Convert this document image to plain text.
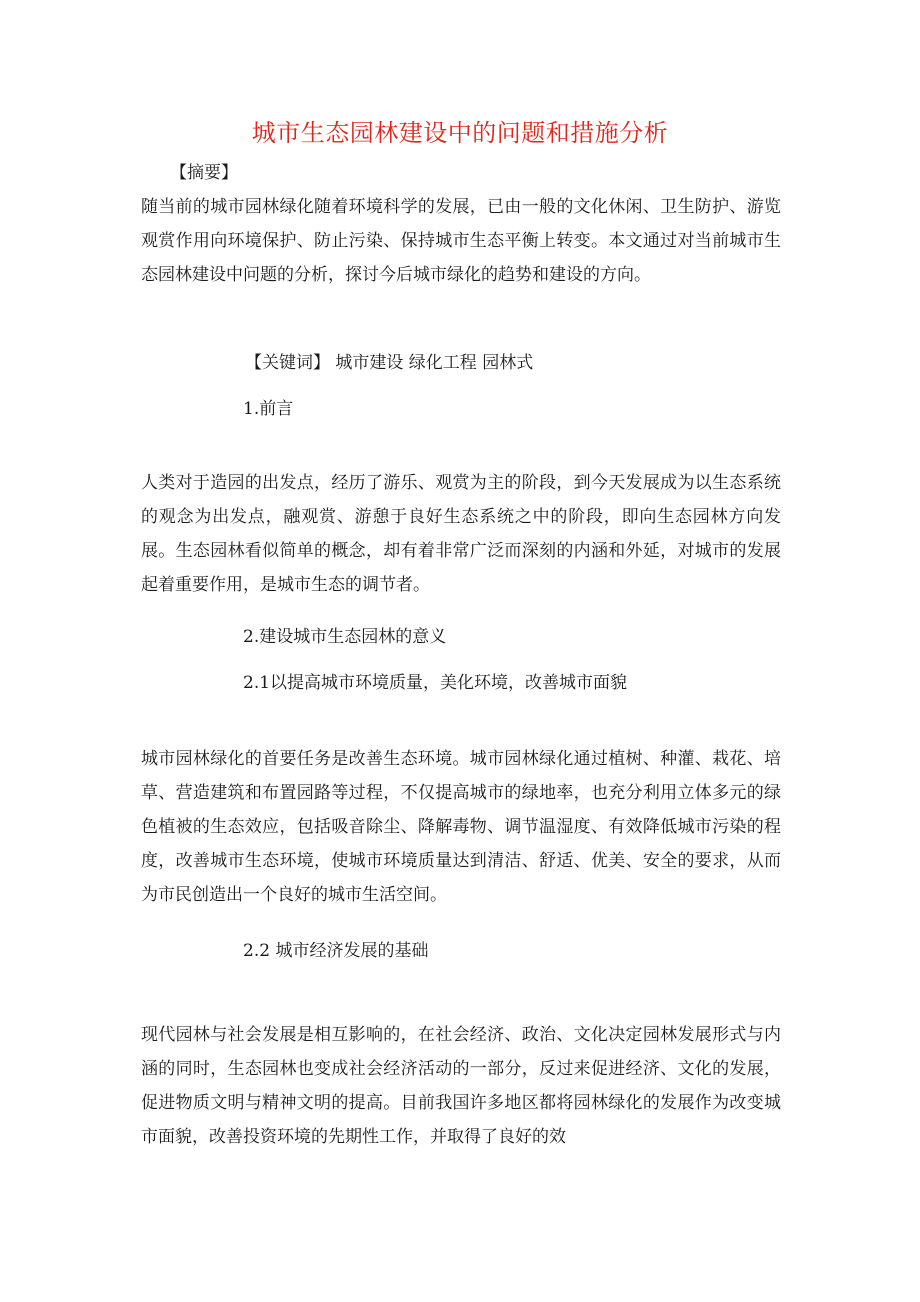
城市生态园林建设中的问题和措施分析
【摘要】
随当前的城市园林绿化随着环境科学的发展，已由一般的文化休闲、卫生防护、游览观赏作用向环境保护、防止污染、保持城市生态平衡上转变。本文通过对当前城市生态园林建设中问题的分析，探讨今后城市绿化的趋势和建设的方向。
【关键词】 城市建设 绿化工程 园林式
1.前言
人类对于造园的出发点，经历了游乐、观赏为主的阶段，到今天发展成为以生态系统的观念为出发点，融观赏、游憩于良好生态系统之中的阶段，即向生态园林方向发展。生态园林看似简单的概念，却有着非常广泛而深刻的内涵和外延，对城市的发展起着重要作用，是城市生态的调节者。
2.建设城市生态园林的意义
2.1以提高城市环境质量，美化环境，改善城市面貌
城市园林绿化的首要任务是改善生态环境。城市园林绿化通过植树、种灌、栽花、培草、营造建筑和布置园路等过程，不仅提高城市的绿地率，也充分利用立体多元的绿色植被的生态效应，包括吸音除尘、降解毒物、调节温湿度、有效降低城市污染的程度，改善城市生态环境，使城市环境质量达到清洁、舒适、优美、安全的要求，从而为市民创造出一个良好的城市生活空间。
2.2 城市经济发展的基础
现代园林与社会发展是相互影响的，在社会经济、政治、文化决定园林发展形式与内涵的同时，生态园林也变成社会经济活动的一部分，反过来促进经济、文化的发展，促进物质文明与精神文明的提高。目前我国许多地区都将园林绿化的发展作为改变城市面貌，改善投资环境的先期性工作，并取得了良好的效
